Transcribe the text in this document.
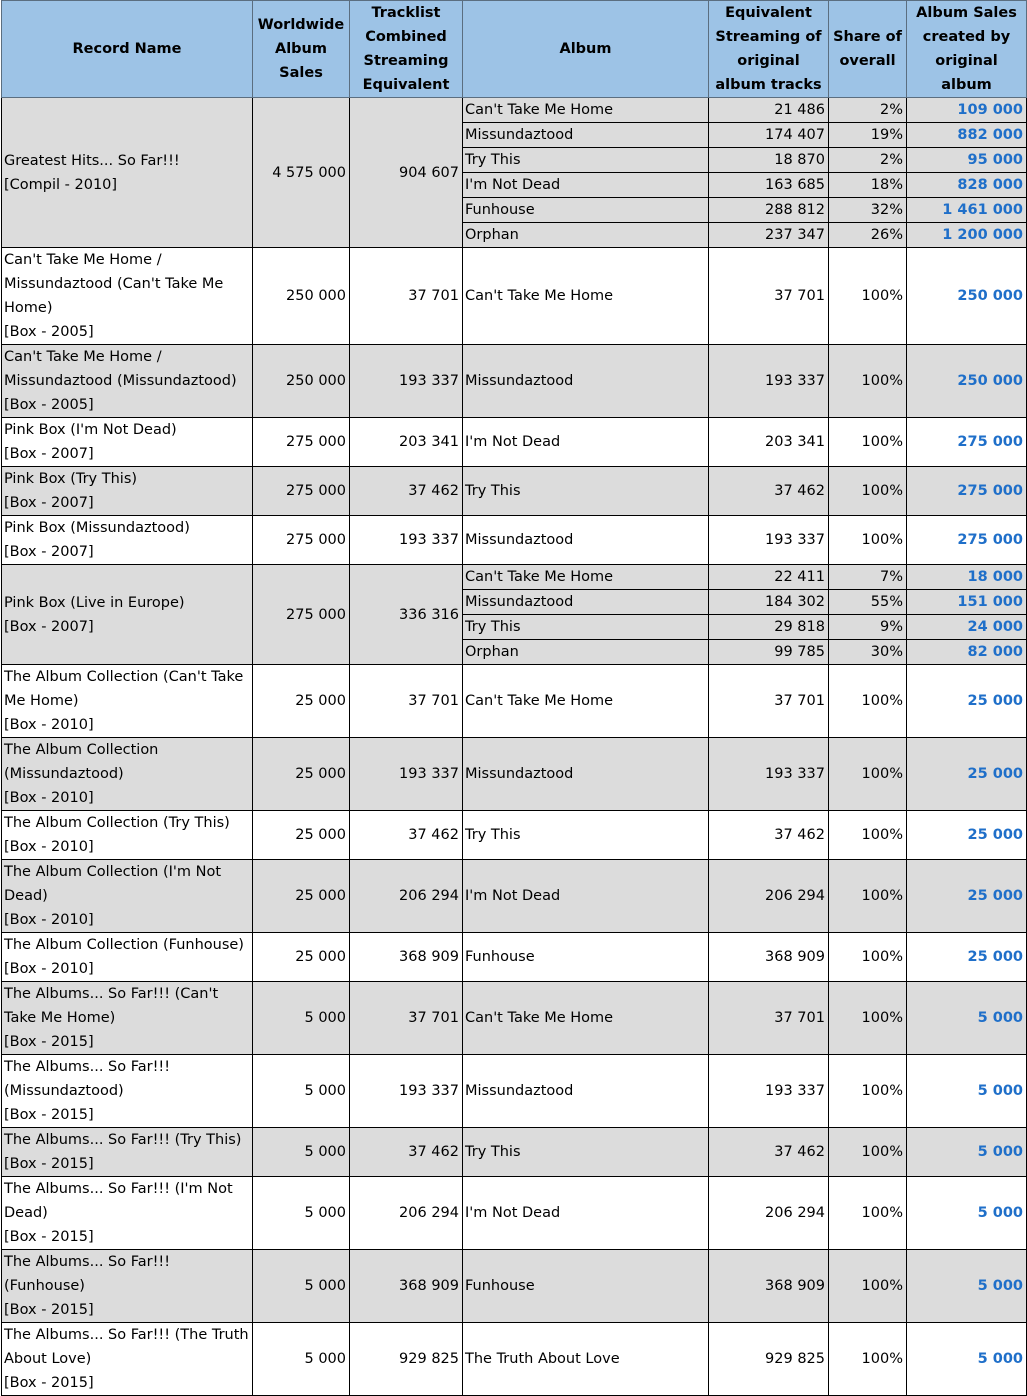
Record Name	Worldwide Album Sales	Tracklist Combined Streaming Equivalent	Album	Equivalent Streaming of original album tracks	Share of overall	Album Sales created by original album

Greatest Hits... So Far!!!
[Compil - 2010]	4 575 000	904 607	Can't Take Me Home	21 486	2%	109 000
			Missundaztood	174 407	19%	882 000
			Try This	18 870	2%	95 000
			I'm Not Dead	163 685	18%	828 000
			Funhouse	288 812	32%	1 461 000
			Orphan	237 347	26%	1 200 000

Can't Take Me Home /
Missundaztood (Can't Take Me
Home)
[Box - 2005]	250 000	37 701	Can't Take Me Home	37 701	100%	250 000

Can't Take Me Home /
Missundaztood (Missundaztood)
[Box - 2005]	250 000	193 337	Missundaztood	193 337	100%	250 000

Pink Box (I'm Not Dead)
[Box - 2007]	275 000	203 341	I'm Not Dead	203 341	100%	275 000

Pink Box (Try This)
[Box - 2007]	275 000	37 462	Try This	37 462	100%	275 000

Pink Box (Missundaztood)
[Box - 2007]	275 000	193 337	Missundaztood	193 337	100%	275 000

Pink Box (Live in Europe)
[Box - 2007]	275 000	336 316	Can't Take Me Home	22 411	7%	18 000
			Missundaztood	184 302	55%	151 000
			Try This	29 818	9%	24 000
			Orphan	99 785	30%	82 000

The Album Collection (Can't Take
Me Home)
[Box - 2010]	25 000	37 701	Can't Take Me Home	37 701	100%	25 000

The Album Collection
(Missundaztood)
[Box - 2010]	25 000	193 337	Missundaztood	193 337	100%	25 000

The Album Collection (Try This)
[Box - 2010]	25 000	37 462	Try This	37 462	100%	25 000

The Album Collection (I'm Not
Dead)
[Box - 2010]	25 000	206 294	I'm Not Dead	206 294	100%	25 000

The Album Collection (Funhouse)
[Box - 2010]	25 000	368 909	Funhouse	368 909	100%	25 000

The Albums... So Far!!! (Can't
Take Me Home)
[Box - 2015]	5 000	37 701	Can't Take Me Home	37 701	100%	5 000

The Albums... So Far!!!
(Missundaztood)
[Box - 2015]	5 000	193 337	Missundaztood	193 337	100%	5 000

The Albums... So Far!!! (Try This)
[Box - 2015]	5 000	37 462	Try This	37 462	100%	5 000

The Albums... So Far!!! (I'm Not
Dead)
[Box - 2015]	5 000	206 294	I'm Not Dead	206 294	100%	5 000

The Albums... So Far!!!
(Funhouse)
[Box - 2015]	5 000	368 909	Funhouse	368 909	100%	5 000

The Albums... So Far!!! (The Truth
About Love)
[Box - 2015]	5 000	929 825	The Truth About Love	929 825	100%	5 000
